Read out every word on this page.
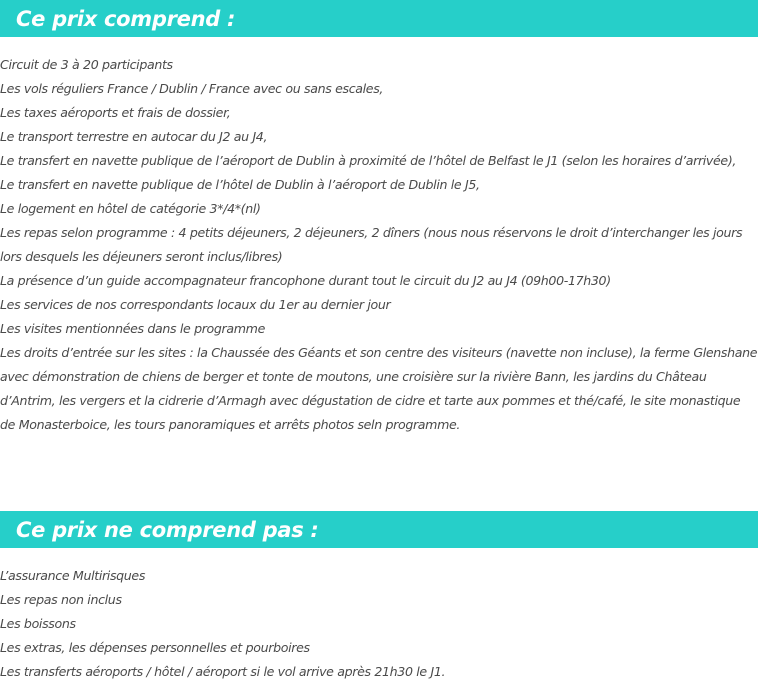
Ce prix comprend :
Circuit de 3 à 20 participants
Les vols réguliers France / Dublin / France avec ou sans escales,
Les taxes aéroports et frais de dossier,
Le transport terrestre en autocar du J2 au J4,
Le transfert en navette publique de l’aéroport de Dublin à proximité de l’hôtel de Belfast le J1 (selon les horaires d’arrivée),
Le transfert en navette publique de l’hôtel de Dublin à l’aéroport de Dublin le J5,
Le logement en hôtel de catégorie 3*/4*(nl)
Les repas selon programme : 4 petits déjeuners, 2 déjeuners, 2 dîners (nous nous réservons le droit d’interchanger les jours lors desquels les déjeuners seront inclus/libres)
La présence d’un guide accompagnateur francophone durant tout le circuit du J2 au J4 (09h00-17h30)
Les services de nos correspondants locaux du 1er au dernier jour
Les visites mentionnées dans le programme
Les droits d’entrée sur les sites : la Chaussée des Géants et son centre des visiteurs (navette non incluse), la ferme Glenshane avec démonstration de chiens de berger et tonte de moutons, une croisière sur la rivière Bann, les jardins du Château d’Antrim, les vergers et la cidrerie d’Armagh avec dégustation de cidre et tarte aux pommes et thé/café, le site monastique de Monasterboice, les tours panoramiques et arrêts photos seln programme.
Ce prix ne comprend pas :
L’assurance Multirisques
Les repas non inclus
Les boissons
Les extras, les dépenses personnelles et pourboires
Les transferts aéroports / hôtel / aéroport si le vol arrive après 21h30 le J1.
